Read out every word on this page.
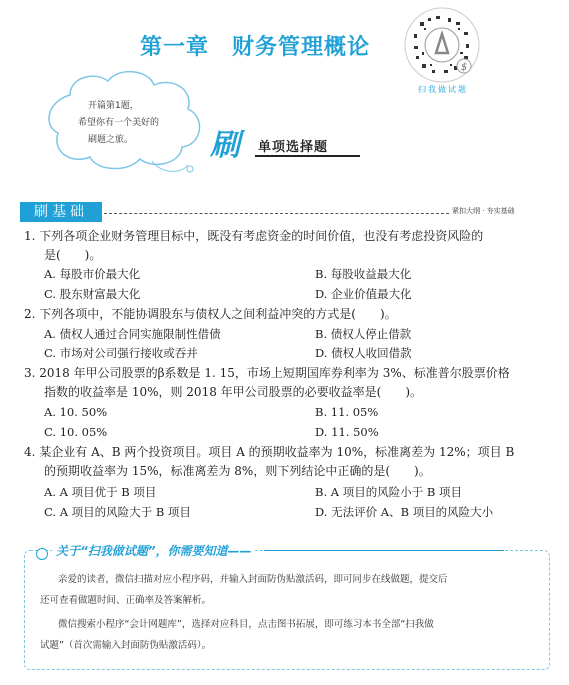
第一章　财务管理概论
$
扫我做试题
开篇第1题，
希望你有一个美好的
刷题之旅。	刷 单项选择题
刷基础	紧扣大纲 · 夯实基础
1. 下列各项企业财务管理目标中，既没有考虑资金的时间价值，也没有考虑投资风险的
是(　　)。
A. 每股市价最大化	B. 每股收益最大化
C. 股东财富最大化	D. 企业价值最大化
2. 下列各项中，不能协调股东与债权人之间利益冲突的方式是(　　)。
A. 债权人通过合同实施限制性借债	B. 债权人停止借款
C. 市场对公司强行接收或吞并	D. 债权人收回借款
3. 2018 年甲公司股票的β系数是 1. 15，市场上短期国库券利率为 3%、标准普尔股票价格
指数的收益率是 10%，则 2018 年甲公司股票的必要收益率是(　　)。
A. 10. 50%	B. 11. 05%
C. 10. 05%	D. 11. 50%
4. 某企业有 A、B 两个投资项目。项目 A 的预期收益率为 10%，标准离差为 12%；项目 B
的预期收益率为 15%，标准离差为 8%，则下列结论中正确的是(　　)。
A. A 项目优于 B 项目	B. A 项目的风险小于 B 项目
C. A 项目的风险大于 B 项目	D. 无法评价 A、B 项目的风险大小
关于“扫我做试题”，你需要知道——
亲爱的读者，微信扫描对应小程序码，并输入封面防伪贴激活码，即可同步在线做题，提交后
还可查看做题时间、正确率及答案解析。
微信搜索小程序“会计网题库”，选择对应科目，点击图书拓展，即可练习本书全部“扫我做
试题”（首次需输入封面防伪贴激活码）。
